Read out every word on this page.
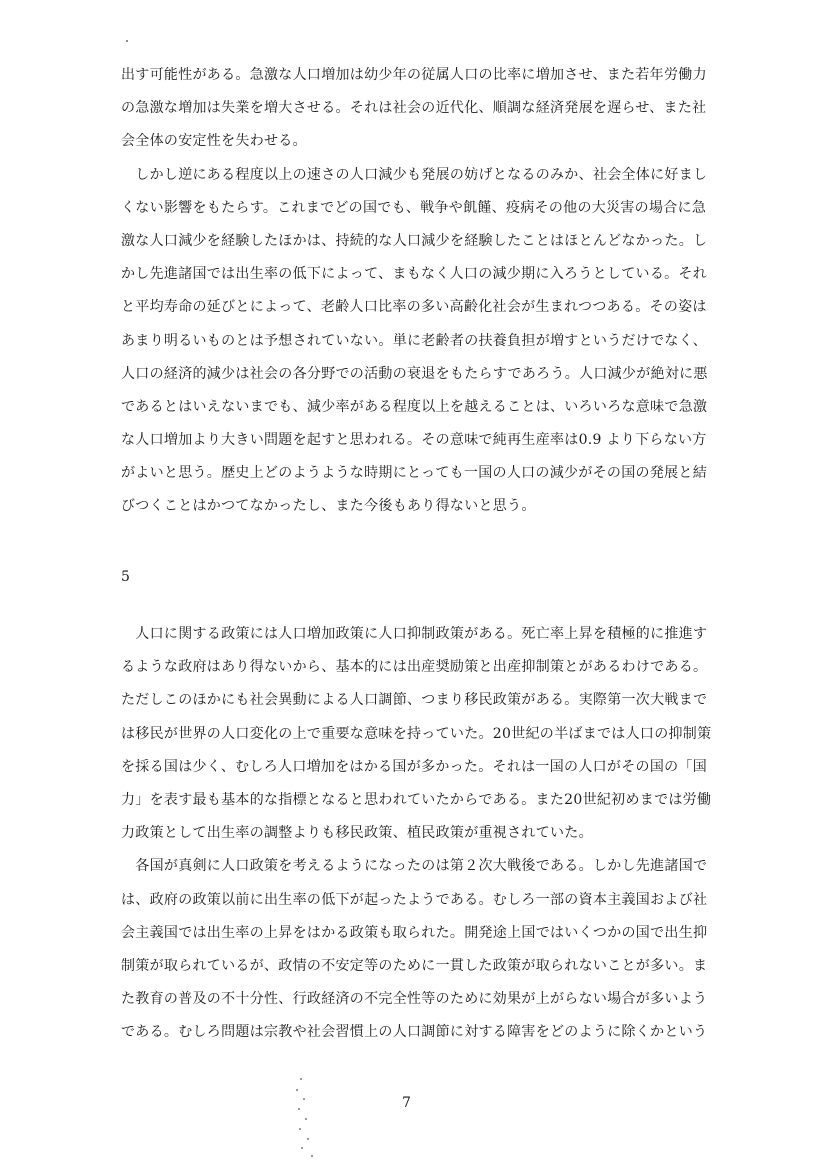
出す可能性がある。急激な人口増加は幼少年の従属人口の比率に増加させ、また若年労働力
の急激な増加は失業を増大させる。それは社会の近代化、順調な経済発展を遅らせ、また社
会全体の安定性を失わせる。
　しかし逆にある程度以上の速さの人口減少も発展の妨げとなるのみか、社会全体に好まし
くない影響をもたらす。これまでどの国でも、戦争や飢饉、疫病その他の大災害の場合に急
激な人口減少を経験したほかは、持続的な人口減少を経験したことはほとんどなかった。し
かし先進諸国では出生率の低下によって、まもなく人口の減少期に入ろうとしている。それ
と平均寿命の延びとによって、老齢人口比率の多い高齢化社会が生まれつつある。その姿は
あまり明るいものとは予想されていない。単に老齢者の扶養負担が増すというだけでなく、
人口の経済的減少は社会の各分野での活動の衰退をもたらすであろう。人口減少が絶対に悪
であるとはいえないまでも、減少率がある程度以上を越えることは、いろいろな意味で急激
な人口増加より大きい問題を起すと思われる。その意味で純再生産率は0.9 より下らない方
がよいと思う。歴史上どのようような時期にとっても一国の人口の減少がその国の発展と結
びつくことはかつてなかったし、また今後もあり得ないと思う。
5
　人口に関する政策には人口増加政策に人口抑制政策がある。死亡率上昇を積極的に推進す
るような政府はあり得ないから、基本的には出産奨励策と出産抑制策とがあるわけである。
ただしこのほかにも社会異動による人口調節、つまり移民政策がある。実際第一次大戦まで
は移民が世界の人口変化の上で重要な意味を持っていた。20世紀の半ばまでは人口の抑制策
を採る国は少く、むしろ人口増加をはかる国が多かった。それは一国の人口がその国の「国
力」を表す最も基本的な指標となると思われていたからである。また20世紀初めまでは労働
力政策として出生率の調整よりも移民政策、植民政策が重視されていた。
　各国が真剣に人口政策を考えるようになったのは第２次大戦後である。しかし先進諸国で
は、政府の政策以前に出生率の低下が起ったようである。むしろ一部の資本主義国および社
会主義国では出生率の上昇をはかる政策も取られた。開発途上国ではいくつかの国で出生抑
制策が取られているが、政情の不安定等のために一貫した政策が取られないことが多い。ま
た教育の普及の不十分性、行政経済の不完全性等のために効果が上がらない場合が多いよう
である。むしろ問題は宗教や社会習慣上の人口調節に対する障害をどのように除くかという
7
